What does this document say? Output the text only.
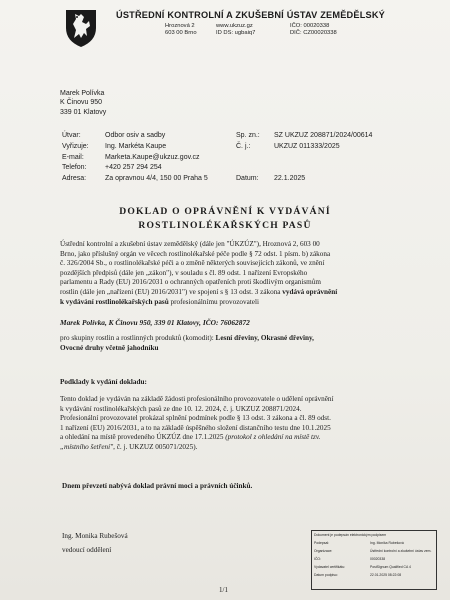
ÚSTŘEDNÍ KONTROLNÍ A ZKUŠEBNÍ ÚSTAV ZEMĚDĚLSKÝ
Hroznová 2
603 00 Brno
www.ukzuz.gz
ID DS: ugbaiq7
IČO: 00020338
DIČ: CZ00020338
Marek Polívka
K Činovu 950
339 01 Klatovy
Útvar:	Odbor osiv a sadby
Vyřizuje: Ing. Markéta Kaupe
E-mail:	Marketa.Kaupe@ukzuz.gov.cz
Telefon:	+420 257 294 254
Adresa:	Za opravnou 4/4, 150 00 Praha 5
Sp. zn.: SZ UKZUZ 208871/2024/00614
Č. j.:	UKZUZ 011333/2025
Datum: 22.1.2025
DOKLAD O OPRÁVNĚNÍ K VYDÁVÁNÍ
ROSTLINOLÉKAŘSKÝCH PASŮ
Ústřední kontrolní a zkušební ústav zemědělský (dále jen "ÚKZÚZ"), Hroznová 2, 603 00
Brno, jako příslušný orgán ve věcech rostlinolékařské péče podle § 72 odst. 1 písm. b) zákona
č. 326/2004 Sb., o rostlinolékařské péči a o změně některých souvisejících zákonů, ve znění
pozdějších předpisů (dále jen „zákon"), v souladu s čl. 89 odst. 1 nařízení Evropského
parlamentu a Rady (EU) 2016/2031 o ochranných opatřeních proti škodlivým organismům
rostlin (dále jen „nařízení (EU) 2016/2031") ve spojení s § 13 odst. 3 zákona vydává oprávnění
k vydávání rostlinolékařských pasů profesionálnímu provozovateli
Marek Polívka, K Činovu 950, 339 01 Klatovy, IČO: 76062872
pro skupiny rostlin a rostlinných produktů (komodit): Lesní dřeviny, Okrasné dřeviny,
Ovocné druhy včetně jahodníku
Podklady k vydání dokladu:
Tento doklad je vydáván na základě žádosti profesionálního provozovatele o udělení oprávnění
k vydávání rostlinolékařských pasů ze dne 10. 12. 2024, č. j. UKZUZ 208871/2024.
Profesionální provozovatel prokázal splnění podmínek podle § 13 odst. 3 zákona a čl. 89 odst.
1 nařízení (EU) 2016/2031, a to na základě úspěšného složení distančního testu dne 10.1.2025
a ohledání na místě provedeného ÚKZÚZ dne 17.1.2025 (protokol z ohledání na místě tzv.
„místního šetření", č. j. UKZUZ 005071/2025).
Dnem převzetí nabývá doklad právní moci a právních účinků.
Ing. Monika Rubešová
vedoucí oddělení
Dokument je podepsán elektronickým podpisem
Podepsal:	Ing. Monika Rubešová
Organizace:	Ústřední kontrolní a zkušební ústav zem.
IČO:	00020338
Vydavatel certifikátu:	PostSignum Qualified CA 4
Datum podpisu:	22.01.2025 08:22:08
1/1
